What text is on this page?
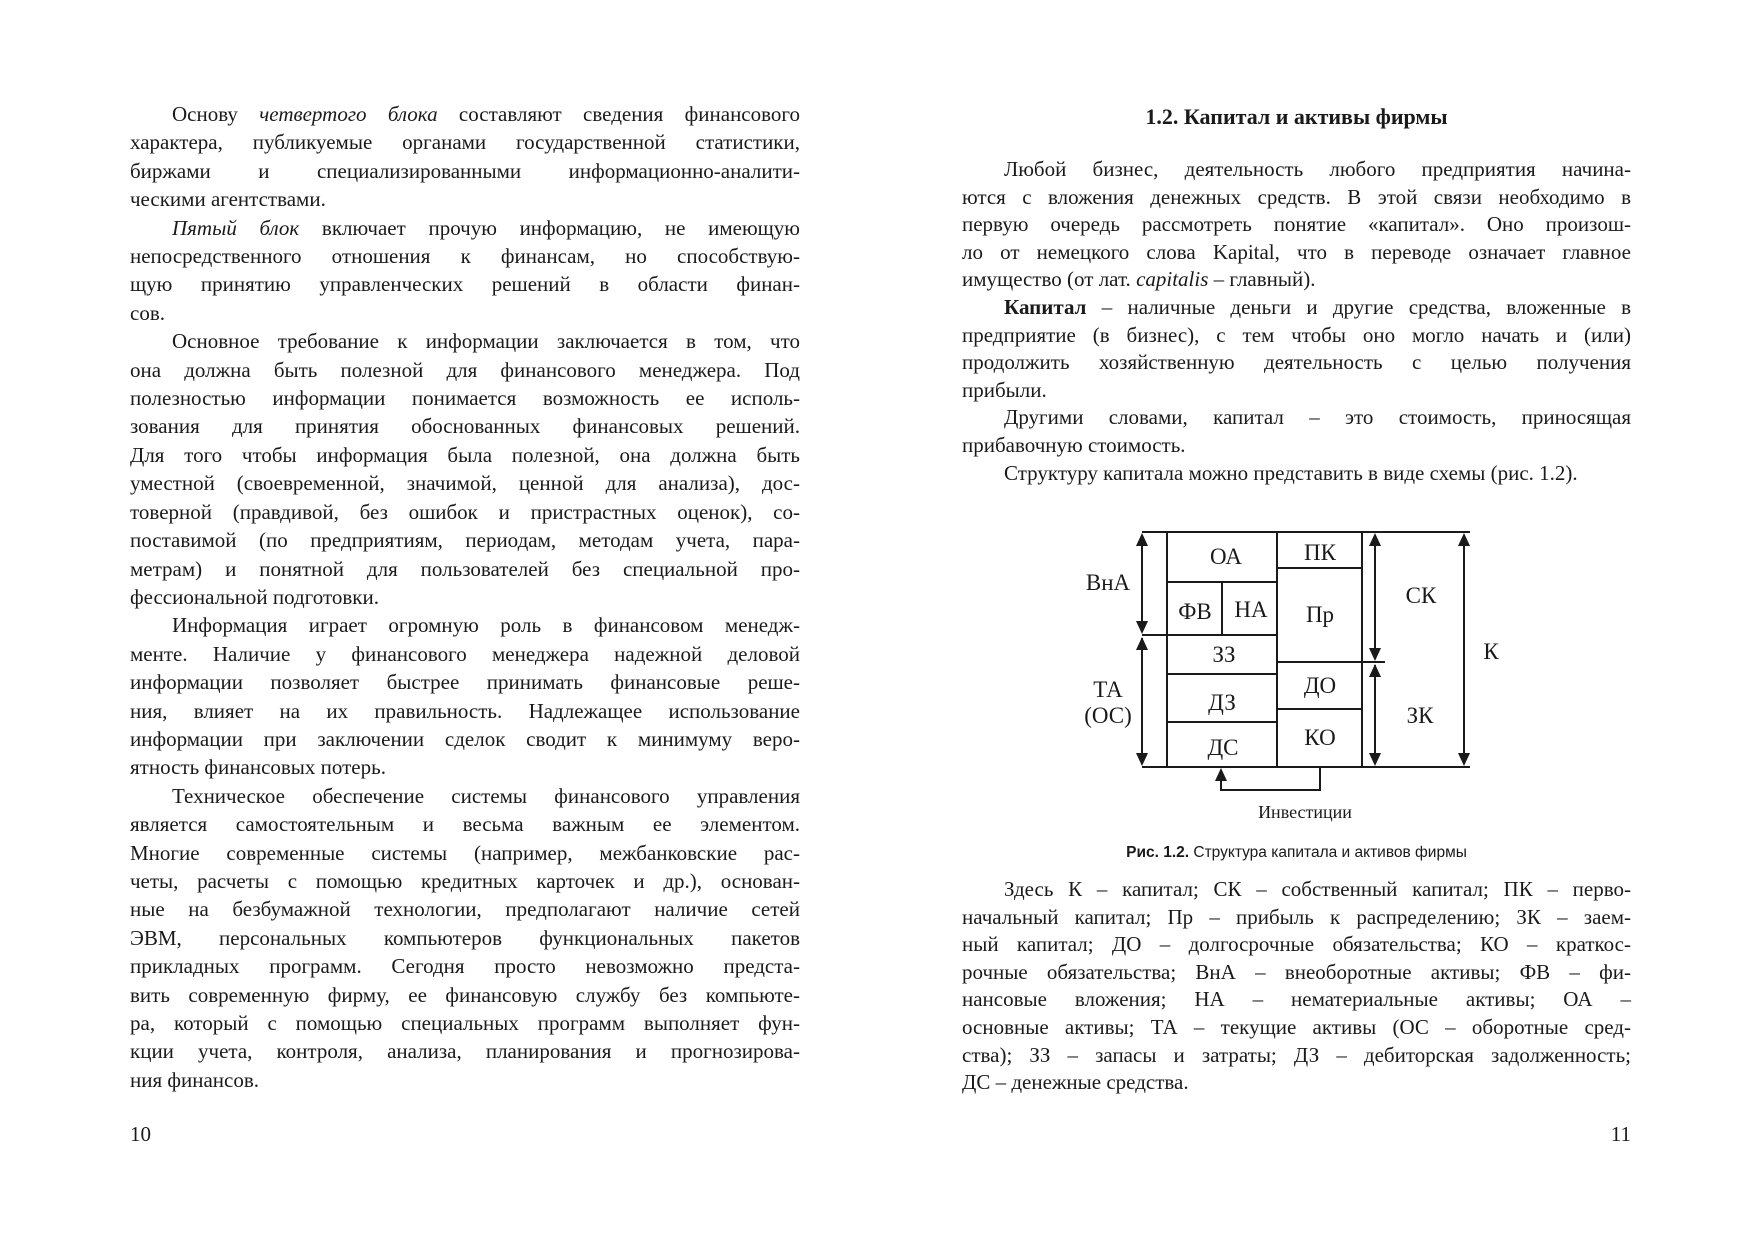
Основу четвертого блока составляют сведения финансового
характера, публикуемые органами государственной статистики,
биржами и специализированными информационно-аналити-
ческими агентствами.
Пятый блок включает прочую информацию, не имеющую
непосредственного отношения к финансам, но способствую-
щую принятию управленческих решений в области финан-
сов.
Основное требование к информации заключается в том, что
она должна быть полезной для финансового менеджера. Под
полезностью информации понимается возможность ее исполь-
зования для принятия обоснованных финансовых решений.
Для того чтобы информация была полезной, она должна быть
уместной (своевременной, значимой, ценной для анализа), дос-
товерной (правдивой, без ошибок и пристрастных оценок), со-
поставимой (по предприятиям, периодам, методам учета, пара-
метрам) и понятной для пользователей без специальной про-
фессиональной подготовки.
Информация играет огромную роль в финансовом менедж-
менте. Наличие у финансового менеджера надежной деловой
информации позволяет быстрее принимать финансовые реше-
ния, влияет на их правильность. Надлежащее использование
информации при заключении сделок сводит к минимуму веро-
ятность финансовых потерь.
Техническое обеспечение системы финансового управления
является самостоятельным и весьма важным ее элементом.
Многие современные системы (например, межбанковские рас-
четы, расчеты с помощью кредитных карточек и др.), основан-
ные на безбумажной технологии, предполагают наличие сетей
ЭВМ, персональных компьютеров функциональных пакетов
прикладных программ. Сегодня просто невозможно предста-
вить современную фирму, ее финансовую службу без компьюте-
ра, который с помощью специальных программ выполняет фун-
кции учета, контроля, анализа, планирования и прогнозирова-
ния финансов.
10
1.2. Капитал и активы фирмы
Любой бизнес, деятельность любого предприятия начина-
ются с вложения денежных средств. В этой связи необходимо в
первую очередь рассмотреть понятие «капитал». Оно произош-
ло от немецкого слова Kapital, что в переводе означает главное
имущество (от лат. capitalis – главный).
Капитал – наличные деньги и другие средства, вложенные в
предприятие (в бизнес), с тем чтобы оно могло начать и (или)
продолжить хозяйственную деятельность с целью получения
прибыли.
Другими словами, капитал – это стоимость, приносящая
прибавочную стоимость.
Структуру капитала можно представить в виде схемы (рис. 1.2).
ВнА
ТА
(ОС)
ОА
ФВ НА
ЗЗ
ДЗ
ДС
ПК
Пр
ДО
КО
СК
ЗК
К
Инвестиции
Рис. 1.2. Структура капитала и активов фирмы
Здесь К – капитал; СК – собственный капитал; ПК – перво-
начальный капитал; Пр – прибыль к распределению; ЗК – заем-
ный капитал; ДО – долгосрочные обязательства; КО – краткос-
рочные обязательства; ВнА – внеоборотные активы; ФВ – фи-
нансовые вложения; НА – нематериальные активы; ОА –
основные активы; ТА – текущие активы (ОС – оборотные сред-
ства); ЗЗ – запасы и затраты; ДЗ – дебиторская задолженность;
ДС – денежные средства.
11
